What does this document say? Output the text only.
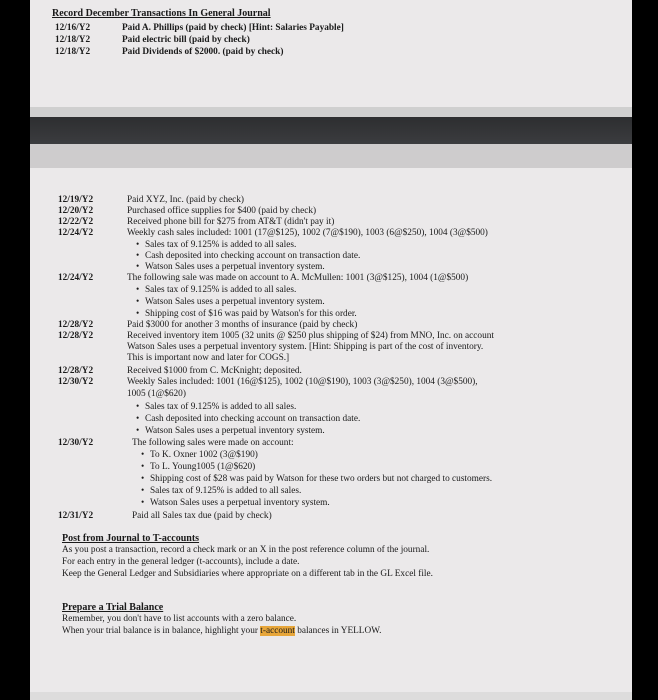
Record December Transactions In General Journal
12/16/Y2	Paid A. Phillips (paid by check) [Hint: Salaries Payable]
12/18/Y2	Paid electric bill (paid by check)
12/18/Y2	Paid Dividends of $2000. (paid by check)
12/19/Y2	Paid XYZ, Inc. (paid by check)
12/20/Y2	Purchased office supplies for $400 (paid by check)
12/22/Y2	Received phone bill for $275 from AT&T (didn't pay it)
12/24/Y2	Weekly cash sales included: 1001 (17@$125), 1002 (7@$190), 1003 (6@$250), 1004 (3@$500)
• Sales tax of 9.125% is added to all sales.
• Cash deposited into checking account on transaction date.
• Watson Sales uses a perpetual inventory system.
12/24/Y2	The following sale was made on account to A. McMullen: 1001 (3@$125), 1004 (1@$500)
• Sales tax of 9.125% is added to all sales.
• Watson Sales uses a perpetual inventory system.
• Shipping cost of $16 was paid by Watson's for this order.
12/28/Y2	Paid $3000 for another 3 months of insurance (paid by check)
12/28/Y2	Received inventory item 1005 (32 units @ $250 plus shipping of $24) from MNO, Inc. on account
Watson Sales uses a perpetual inventory system. [Hint: Shipping is part of the cost of inventory.
This is important now and later for COGS.]
12/28/Y2	Received $1000 from C. McKnight; deposited.
12/30/Y2	Weekly Sales included: 1001 (16@$125), 1002 (10@$190), 1003 (3@$250), 1004 (3@$500),
1005 (1@$620)
• Sales tax of 9.125% is added to all sales.
• Cash deposited into checking account on transaction date.
• Watson Sales uses a perpetual inventory system.
12/30/Y2	The following sales were made on account:
• To K. Oxner 1002 (3@$190)
• To L. Young1005 (1@$620)
• Shipping cost of $28 was paid by Watson for these two orders but not charged to customers.
• Sales tax of 9.125% is added to all sales.
• Watson Sales uses a perpetual inventory system.
12/31/Y2	Paid all Sales tax due (paid by check)
Post from Journal to T-accounts
As you post a transaction, record a check mark or an X in the post reference column of the journal.
For each entry in the general ledger (t-accounts), include a date.
Keep the General Ledger and Subsidiaries where appropriate on a different tab in the GL Excel file.
Prepare a Trial Balance
Remember, you don't have to list accounts with a zero balance.
When your trial balance is in balance, highlight your t-account balances in YELLOW.
